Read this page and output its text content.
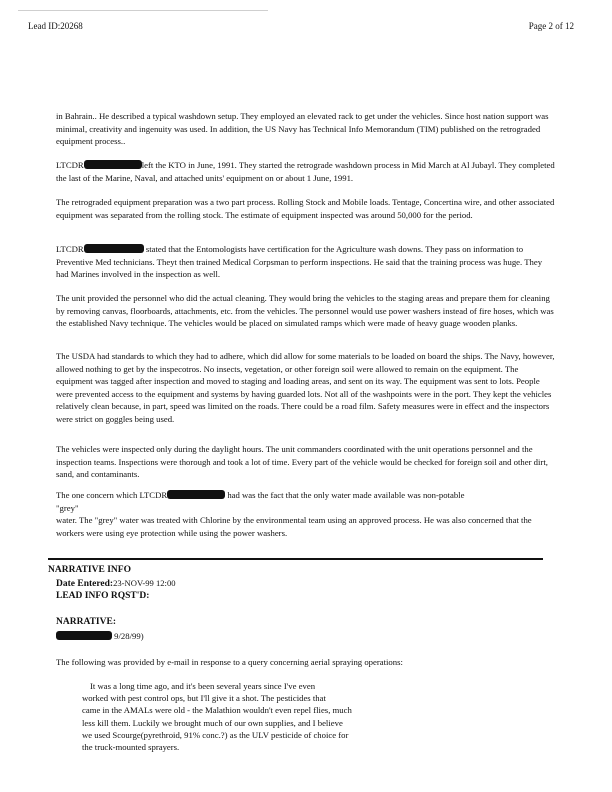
Lead ID:20268	Page 2 of 12

in Bahrain.. He described a typical washdown setup. They employed an elevated rack to get under the vehicles. Since host nation support was minimal, creativity and ingenuity was used. In addition, the US Navy has Technical Info Memorandum (TIM) published on the retrograded equipment process..

LTCDR	left the KTO in June, 1991. They started the retrograde washdown process in Mid March at Al Jubayl. They completed the last of the Marine, Naval, and attached units' equipment on or about 1 June, 1991.

The retrograded equipment preparation was a two part process. Rolling Stock and Mobile loads. Tentage, Concertina wire, and other associated equipment was separated from the rolling stock. The estimate of equipment inspected was around 50,000 for the period.

LTCDR	stated that the Entomologists have certification for the Agriculture wash downs. They pass on information to Preventive Med technicians. Theyt then trained Medical Corpsman to perform inspections. He said that the training process was huge. They had Marines involved in the inspection as well.

The unit provided the personnel who did the actual cleaning. They would bring the vehicles to the staging areas and prepare them for cleaning by removing canvas, floorboards, attachments, etc. from the vehicles. The personnel would use power washers instead of fire hoses, which was the established Navy technique. The vehicles would be placed on simulated ramps which were made of heavy guage wooden planks.

The USDA had standards to which they had to adhere, which did allow for some materials to be loaded on board the ships. The Navy, however, allowed nothing to get by the inspecotros. No insects, vegetation, or other foreign soil were allowed to remain on the equipment. The equipment was tagged after inspection and moved to staging and loading areas, and sent on its way. The equipment was sent to lots. People were prevented access to the equipment and systems by having guarded lots. Not all of the washpoints were in the port. They kept the vehicles relatively clean because, in part, speed was limited on the roads. There could be a road film. Safety measures were in effect and the inspectors were strict on goggles being used.

The vehicles were inspected only during the daylight hours. The unit commanders coordinated with the unit operations personnel and the inspection teams. Inspections were thorough and took a lot of time. Every part of the vehicle would be checked for foreign soil and other dirt, sand, and contaminants.

The one concern which LTCDR	had was the fact that the only water made available was non-potable
"grey"
water. The "grey" water was treated with Chlorine by the environmental team using an approved process. He was also concerned that the workers were using eye protection while using the power washers.
NARRATIVE INFO
Date Entered:23-NOV-99 12:00
LEAD INFO RQST'D:
NARRATIVE:
9/28/99)

The following was provided by e-mail in response to a query concerning aerial spraying operations:

It was a long time ago, and it's been several years since I've even
worked with pest control ops, but I'll give it a shot. The pesticides that
came in the AMALs were old - the Malathion wouldn't even repel flies, much
less kill them. Luckily we brought much of our own supplies, and I believe
we used Scourge(pyrethroid, 91% conc.?) as the ULV pesticide of choice for
the truck-mounted sprayers.
